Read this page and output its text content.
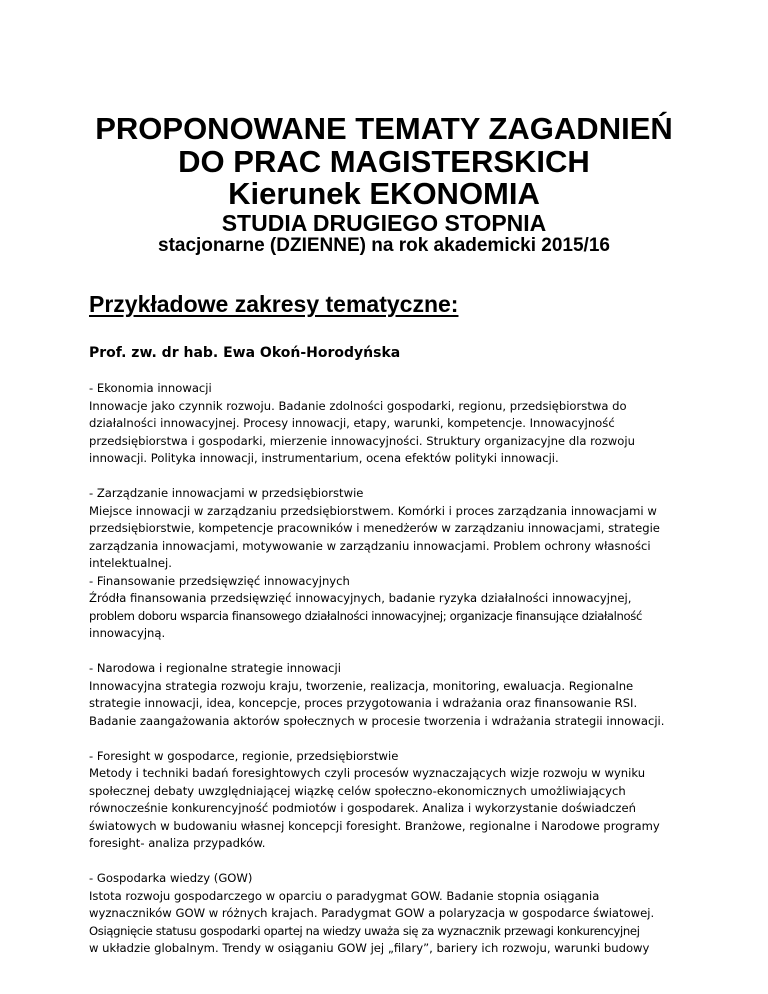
PROPONOWANE TEMATY ZAGADNIEŃ
DO PRAC MAGISTERSKICH
Kierunek EKONOMIA
STUDIA DRUGIEGO STOPNIA
stacjonarne (DZIENNE) na rok akademicki 2015/16
Przykładowe zakresy tematyczne:

Prof. zw. dr hab. Ewa Okoń-Horodyńska

- Ekonomia innowacji
Innowacje jako czynnik rozwoju. Badanie zdolności gospodarki, regionu, przedsiębiorstwa do
działalności innowacyjnej. Procesy innowacji, etapy, warunki, kompetencje. Innowacyjność
przedsiębiorstwa i gospodarki, mierzenie innowacyjności. Struktury organizacyjne dla rozwoju
innowacji. Polityka innowacji, instrumentarium, ocena efektów polityki innowacji.
- Zarządzanie innowacjami w przedsiębiorstwie
Miejsce innowacji w zarządzaniu przedsiębiorstwem. Komórki i proces zarządzania innowacjami w
przedsiębiorstwie, kompetencje pracowników i menedżerów w zarządzaniu innowacjami, strategie
zarządzania innowacjami, motywowanie w zarządzaniu innowacjami. Problem ochrony własności
intelektualnej.
- Finansowanie przedsięwzięć innowacyjnych
Źródła finansowania przedsięwzięć innowacyjnych, badanie ryzyka działalności innowacyjnej,
problem doboru wsparcia finansowego działalności innowacyjnej; organizacje finansujące działalność
innowacyjną.
- Narodowa i regionalne strategie innowacji
Innowacyjna strategia rozwoju kraju, tworzenie, realizacja, monitoring, ewaluacja. Regionalne
strategie innowacji, idea, koncepcje, proces przygotowania i wdrażania oraz finansowanie RSI.
Badanie zaangażowania aktorów społecznych w procesie tworzenia i wdrażania strategii innowacji.
- Foresight w gospodarce, regionie, przedsiębiorstwie
Metody i techniki badań foresightowych czyli procesów wyznaczających wizje rozwoju w wyniku
społecznej debaty uwzględniającej wiązkę celów społeczno-ekonomicznych umożliwiających
równocześnie konkurencyjność podmiotów i gospodarek. Analiza i wykorzystanie doświadczeń
światowych w budowaniu własnej koncepcji foresight. Branżowe, regionalne i Narodowe programy
foresight- analiza przypadków.
- Gospodarka wiedzy (GOW)
Istota rozwoju gospodarczego w oparciu o paradygmat GOW. Badanie stopnia osiągania
wyznaczników GOW w różnych krajach. Paradygmat GOW a polaryzacja w gospodarce światowej.
Osiągnięcie statusu gospodarki opartej na wiedzy uważa się za wyznacznik przewagi konkurencyjnej
w układzie globalnym. Trendy w osiąganiu GOW jej „filary”, bariery ich rozwoju, warunki budowy
